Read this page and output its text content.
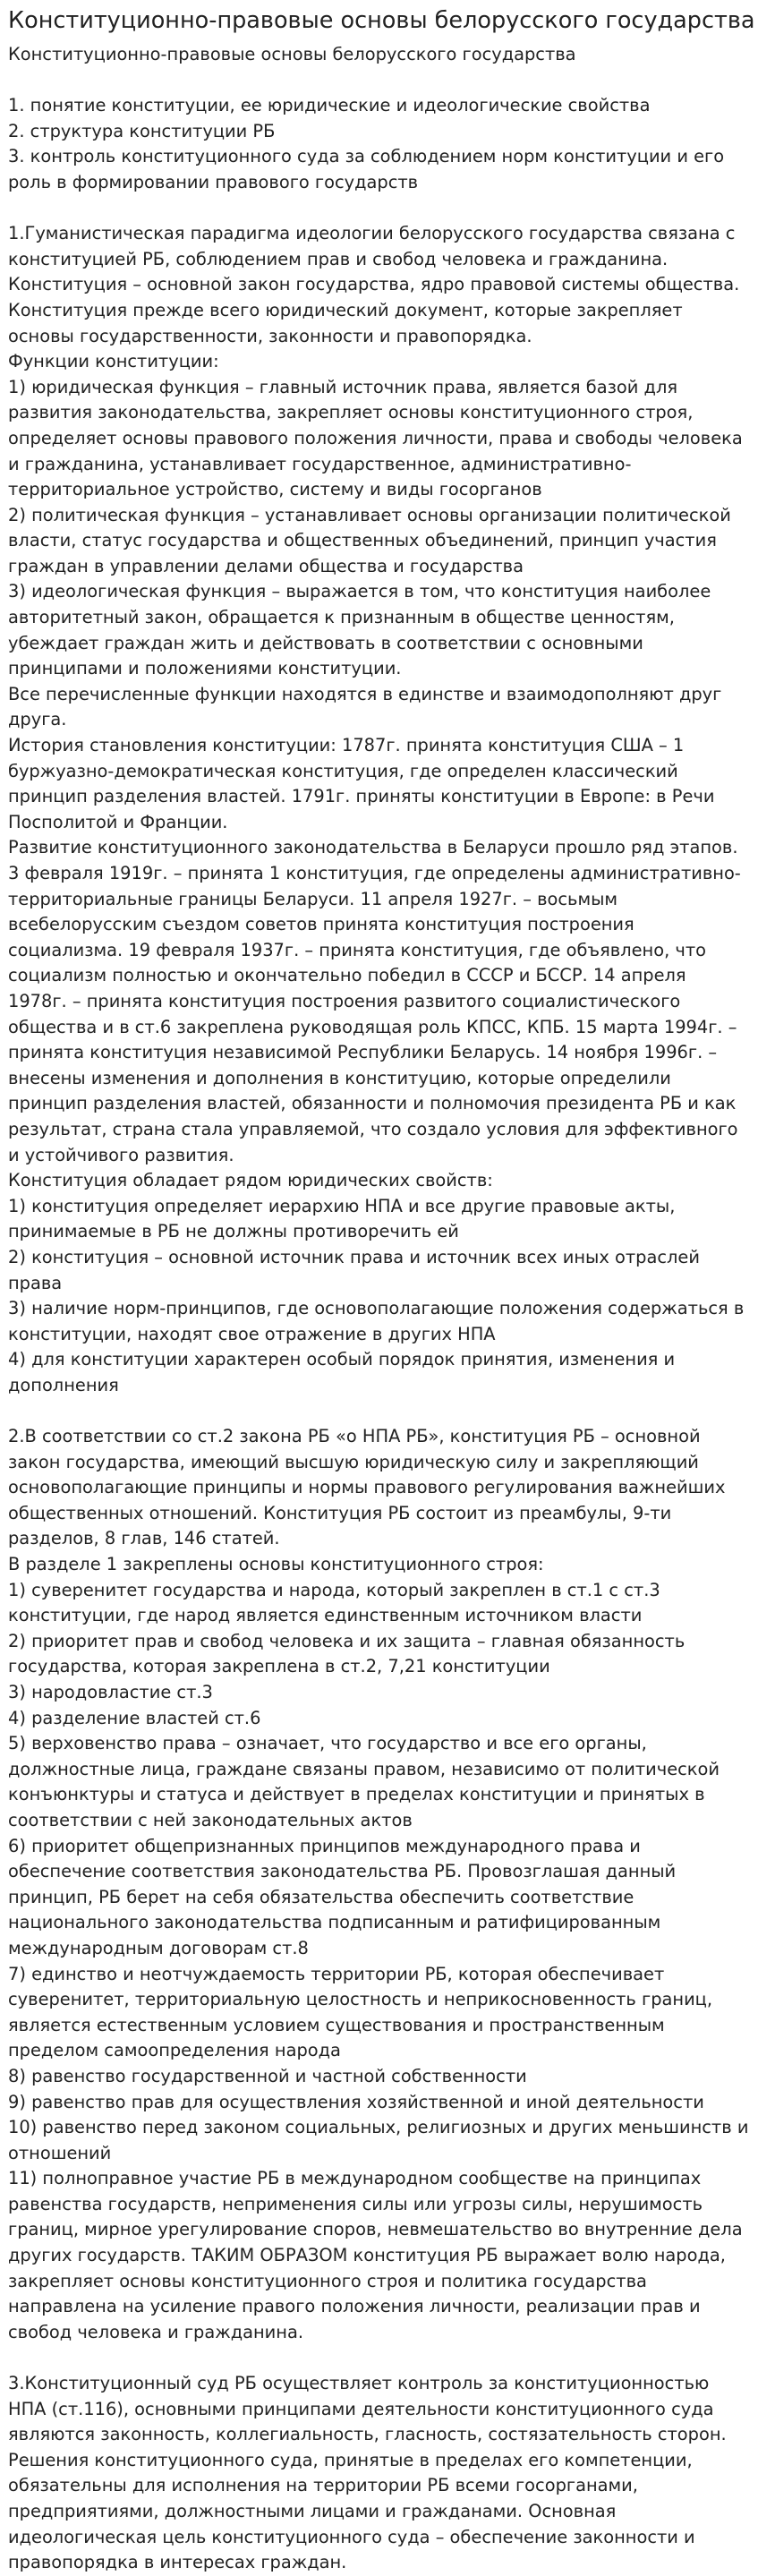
Конституционно-правовые основы белорусского государства

Конституционно-правовые основы белорусского государства

1. понятие конституции, ее юридические и идеологические свойства

2. структура конституции РБ

3. контроль конституционного суда за соблюдением норм конституции и его роль в формировании правового государств

1.Гуманистическая парадигма идеологии белорусского государства связана с конституцией РБ, соблюдением прав и свобод человека и гражданина. Конституция – основной закон государства, ядро правовой системы общества. Конституция прежде всего юридический документ, которые закрепляет основы государственности, законности и правопорядка.

Функции конституции:

1) юридическая функция – главный источник права, является базой для развития законодательства, закрепляет основы конституционного строя, определяет основы правового положения личности, права и свободы человека и гражданина, устанавливает государственное, административно-территориальное устройство, систему и виды госорганов

2) политическая функция – устанавливает основы организации политической власти, статус государства и общественных объединений, принцип участия граждан в управлении делами общества и государства

3) идеологическая функция – выражается в том, что конституция наиболее авторитетный закон, обращается к признанным в обществе ценностям, убеждает граждан жить и действовать в соответствии с основными принципами и положениями конституции.

Все перечисленные функции находятся в единстве и взаимодополняют друг друга.

История становления конституции: 1787г. принята конституция США – 1 буржуазно-демократическая конституция, где определен классический принцип разделения властей. 1791г. приняты конституции в Европе: в Речи Посполитой и Франции.

Развитие конституционного законодательства в Беларуси прошло ряд этапов. 3 февраля 1919г. – принята 1 конституция, где определены административно-территориальные границы Беларуси. 11 апреля 1927г. – восьмым всебелорусским съездом советов принята конституция построения социализма. 19 февраля 1937г. – принята конституция, где объявлено, что социализм полностью и окончательно победил в СССР и БССР. 14 апреля 1978г. – принята конституция построения развитого социалистического общества и в ст.6 закреплена руководящая роль КПСС, КПБ. 15 марта 1994г. – принята конституция независимой Республики Беларусь. 14 ноября 1996г. – внесены изменения и дополнения в конституцию, которые определили принцип разделения властей, обязанности и полномочия президента РБ и как результат, страна стала управляемой, что создало условия для эффективного и устойчивого развития.

Конституция обладает рядом юридических свойств:

1) конституция определяет иерархию НПА и все другие правовые акты, принимаемые в РБ не должны противоречить ей

2) конституция – основной источник права и источник всех иных отраслей права

3) наличие норм-принципов, где основополагающие положения содержаться в конституции, находят свое отражение в других НПА

4) для конституции характерен особый порядок принятия, изменения и дополнения

2.В соответствии со ст.2 закона РБ «о НПА РБ», конституция РБ – основной закон государства, имеющий высшую юридическую силу и закрепляющий основополагающие принципы и нормы правового регулирования важнейших общественных отношений. Конституция РБ состоит из преамбулы, 9-ти разделов, 8 глав, 146 статей.

В разделе 1 закреплены основы конституционного строя:

1) суверенитет государства и народа, который закреплен в ст.1 с ст.3 конституции, где народ является единственным источником власти

2) приоритет прав и свобод человека и их защита – главная обязанность государства, которая закреплена в ст.2, 7,21 конституции

3) народовластие ст.3

4) разделение властей ст.6

5) верховенство права – означает, что государство и все его органы, должностные лица, граждане связаны правом, независимо от политической конъюнктуры и статуса и действует в пределах конституции и принятых в соответствии с ней законодательных актов

6) приоритет общепризнанных принципов международного права и обеспечение соответствия законодательства РБ. Провозглашая данный принцип, РБ берет на себя обязательства обеспечить соответствие национального законодательства подписанным и ратифицированным международным договорам ст.8

7) единство и неотчуждаемость территории РБ, которая обеспечивает суверенитет, территориальную целостность и неприкосновенность границ, является естественным условием существования и пространственным пределом самоопределения народа

8) равенство государственной и частной собственности

9) равенство прав для осуществления хозяйственной и иной деятельности

10) равенство перед законом социальных, религиозных и других меньшинств и отношений

11) полноправное участие РБ в международном сообществе на принципах равенства государств, неприменения силы или угрозы силы, нерушимость границ, мирное урегулирование споров, невмешательство во внутренние дела других государств. ТАКИМ ОБРАЗОМ конституция РБ выражает волю народа, закрепляет основы конституционного строя и политика государства направлена на усиление правого положения личности, реализации прав и свобод человека и гражданина.

3.Конституционный суд РБ осуществляет контроль за конституционностью НПА (ст.116), основными принципами деятельности конституционного суда являются законность, коллегиальность, гласность, состязательность сторон. Решения конституционного суда, принятые в пределах его компетенции, обязательны для исполнения на территории РБ всеми госорганами, предприятиями, должностными лицами и гражданами. Основная идеологическая цель конституционного суда – обеспечение законности и правопорядка в интересах граждан.
